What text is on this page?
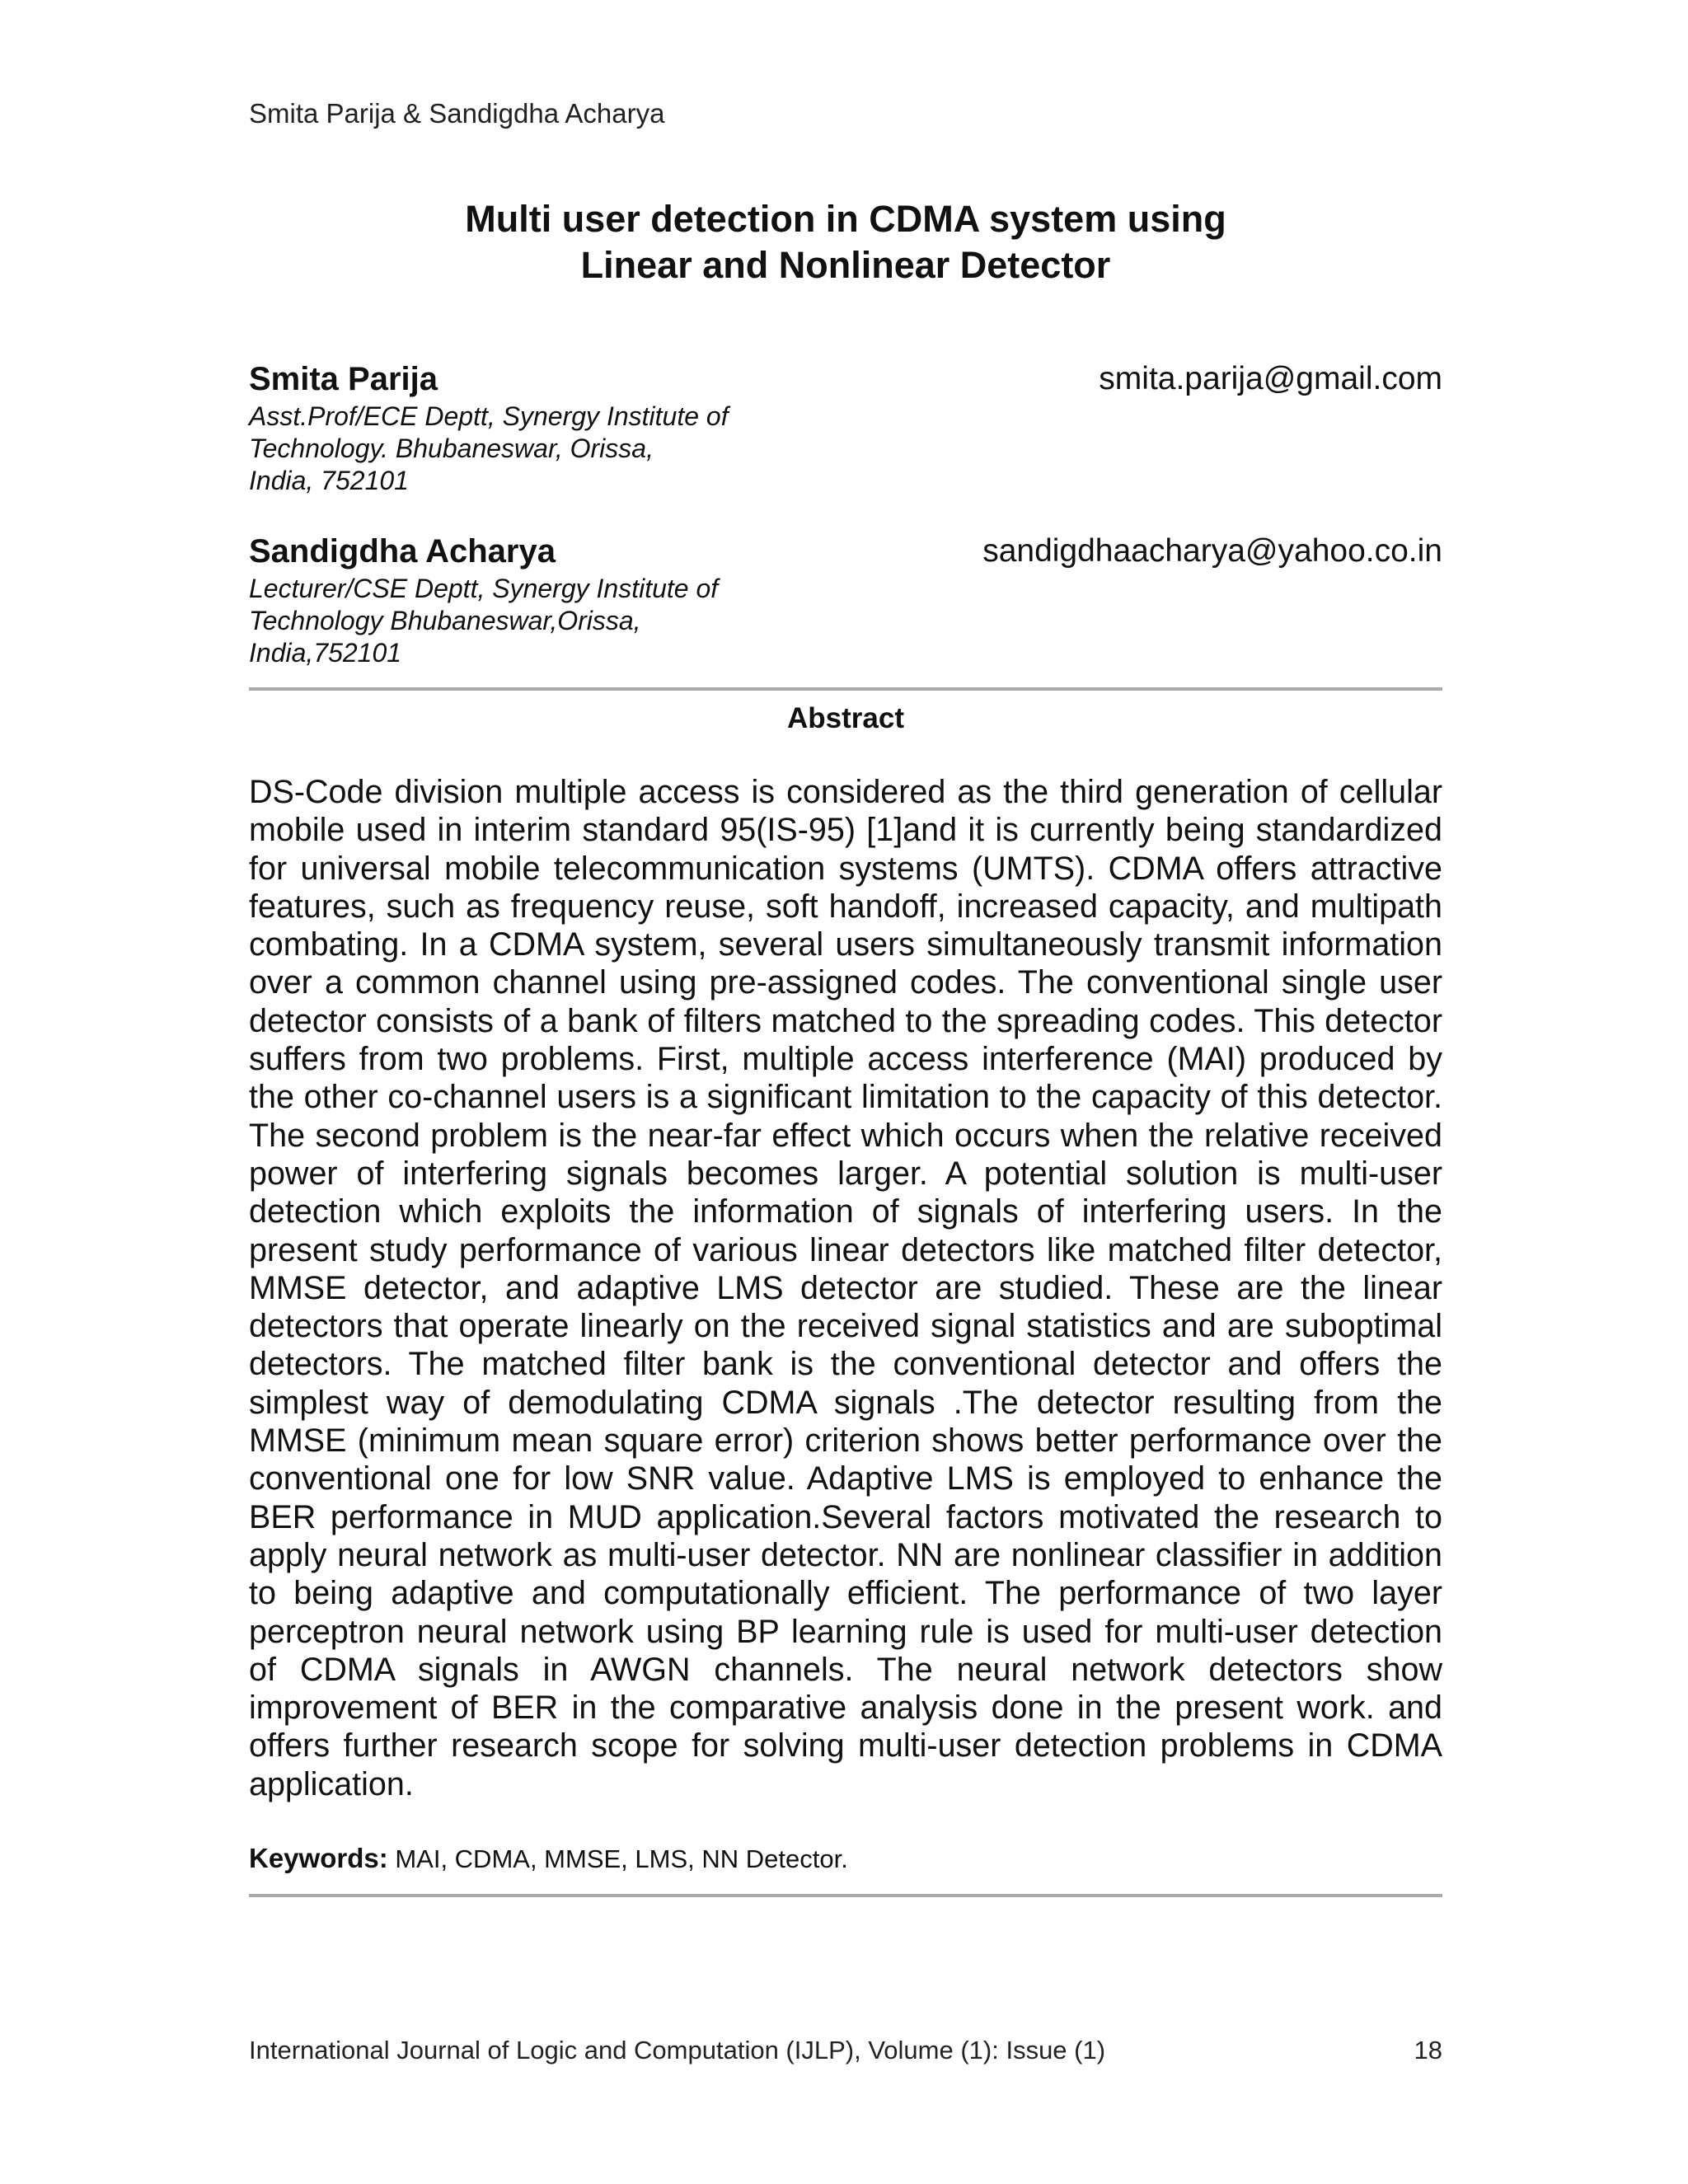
Smita Parija & Sandigdha Acharya
Multi user detection in CDMA system using
Linear and Nonlinear Detector
Smita Parija	smita.parija@gmail.com
Asst.Prof/ECE Deptt, Synergy Institute of
Technology. Bhubaneswar, Orissa,
India, 752101
Sandigdha Acharya	sandigdhaacharya@yahoo.co.in
Lecturer/CSE Deptt, Synergy Institute of
Technology Bhubaneswar,Orissa,
India,752101
Abstract

DS-Code division multiple access is considered as the third generation of cellular mobile used in interim standard 95(IS-95) [1]and it is currently being standardized for universal mobile telecommunication systems (UMTS). CDMA offers attractive features, such as frequency reuse, soft handoff, increased capacity, and multipath combating. In a CDMA system, several users simultaneously transmit information over a common channel using pre-assigned codes. The conventional single user detector consists of a bank of filters matched to the spreading codes. This detector suffers from two problems. First, multiple access interference (MAI) produced by the other co-channel users is a significant limitation to the capacity of this detector. The second problem is the near-far effect which occurs when the relative received power of interfering signals becomes larger. A potential solution is multi-user detection which exploits the information of signals of interfering users. In the present study performance of various linear detectors like matched filter detector, MMSE detector, and adaptive LMS detector are studied. These are the linear detectors that operate linearly on the received signal statistics and are suboptimal detectors. The matched filter bank is the conventional detector and offers the simplest way of demodulating CDMA signals .The detector resulting from the MMSE (minimum mean square error) criterion shows better performance over the conventional one for low SNR value. Adaptive LMS is employed to enhance the BER performance in MUD application.Several factors motivated the research to apply neural network as multi-user detector. NN are nonlinear classifier in addition to being adaptive and computationally efficient. The performance of two layer perceptron neural network using BP learning rule is used for multi-user detection of CDMA signals in AWGN channels. The neural network detectors show improvement of BER in the comparative analysis done in the present work. and offers further research scope for solving multi-user detection problems in CDMA application.

Keywords: MAI, CDMA, MMSE, LMS, NN Detector.
International Journal of Logic and Computation (IJLP), Volume (1): Issue (1)	18
